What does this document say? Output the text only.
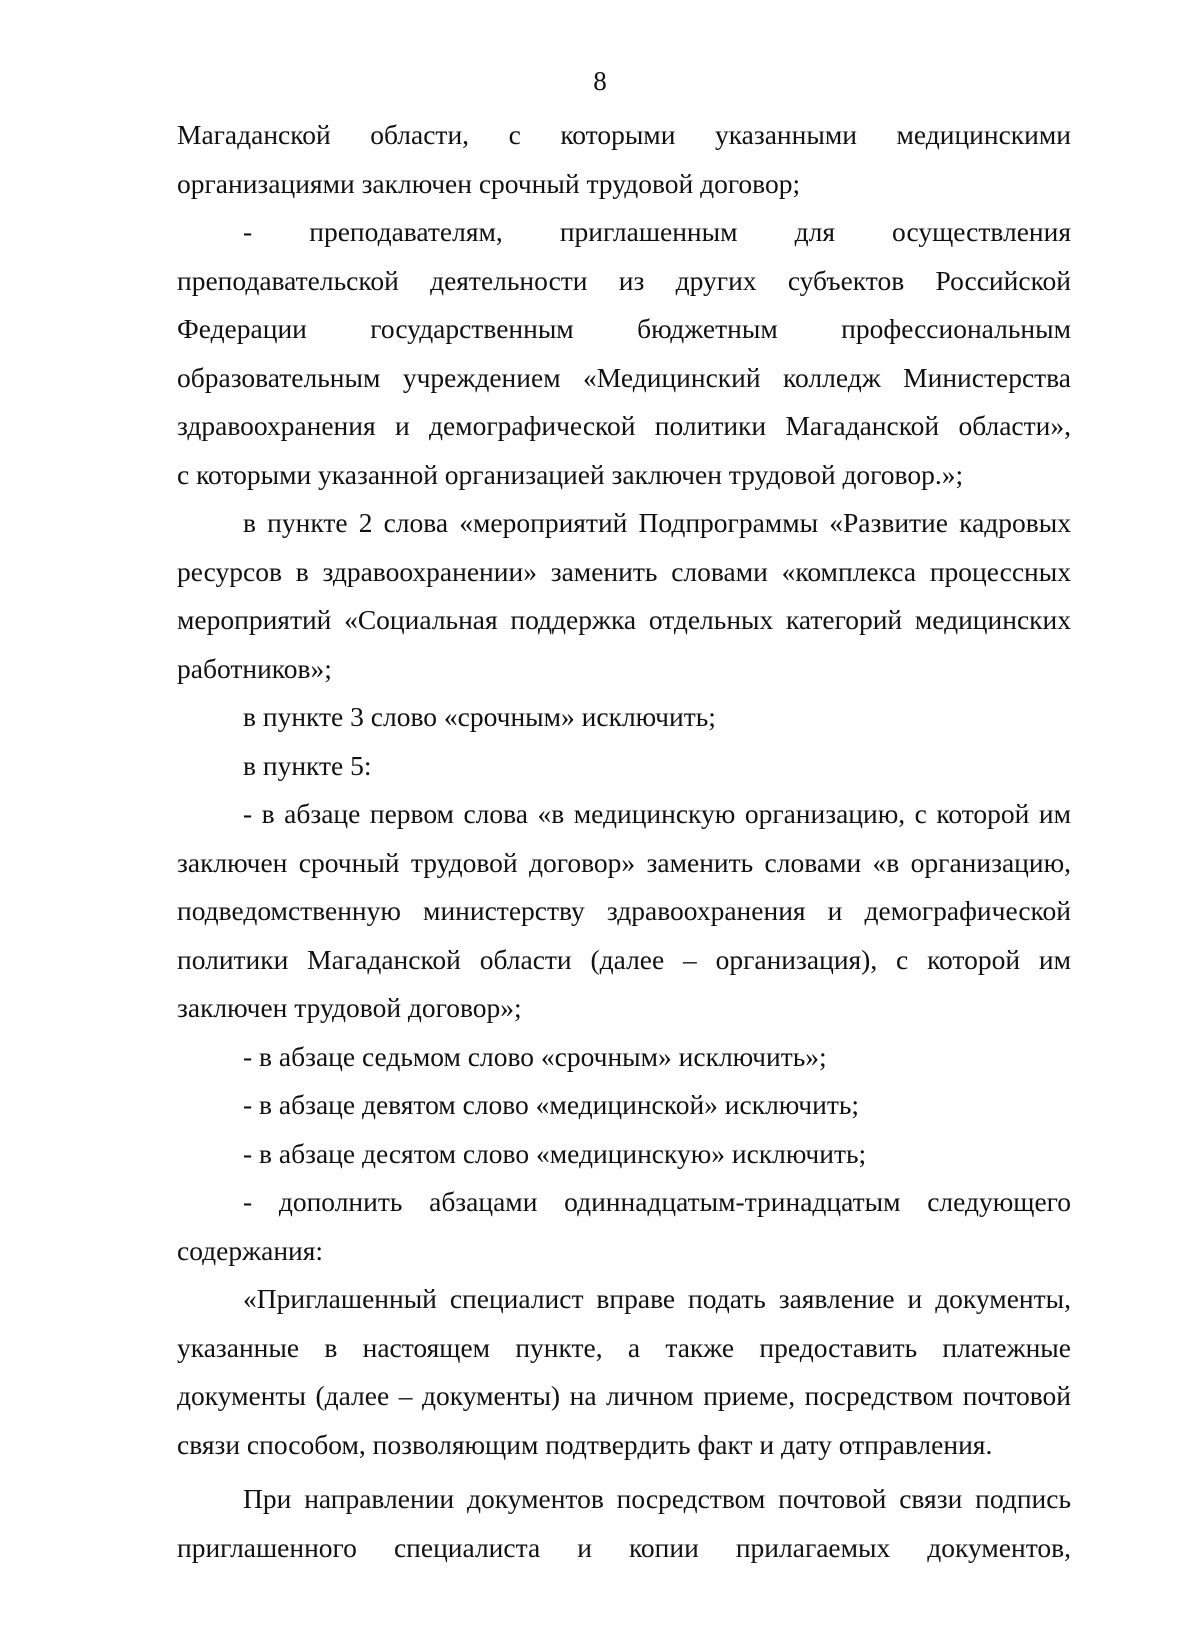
8
Магаданской области, с которыми указанными медицинскими
организациями заключен срочный трудовой договор;
- преподавателям, приглашенным для осуществления
преподавательской деятельности из других субъектов Российской
Федерации государственным бюджетным профессиональным
образовательным учреждением «Медицинский колледж Министерства
здравоохранения и демографической политики Магаданской области»,
с которыми указанной организацией заключен трудовой договор.»;
в пункте 2 слова «мероприятий Подпрограммы «Развитие кадровых
ресурсов в здравоохранении» заменить словами «комплекса процессных
мероприятий «Социальная поддержка отдельных категорий медицинских
работников»;
в пункте 3 слово «срочным» исключить;
в пункте 5:
- в абзаце первом слова «в медицинскую организацию, с которой им
заключен срочный трудовой договор» заменить словами «в организацию,
подведомственную министерству здравоохранения и демографической
политики Магаданской области (далее – организация), с которой им
заключен трудовой договор»;
- в абзаце седьмом слово «срочным» исключить»;
- в абзаце девятом слово «медицинской» исключить;
- в абзаце десятом слово «медицинскую» исключить;
- дополнить абзацами одиннадцатым-тринадцатым следующего
содержания:
«Приглашенный специалист вправе подать заявление и документы,
указанные в настоящем пункте, а также предоставить платежные
документы (далее – документы) на личном приеме, посредством почтовой
связи способом, позволяющим подтвердить факт и дату отправления.
При направлении документов посредством почтовой связи подпись
приглашенного специалиста и копии прилагаемых документов,
